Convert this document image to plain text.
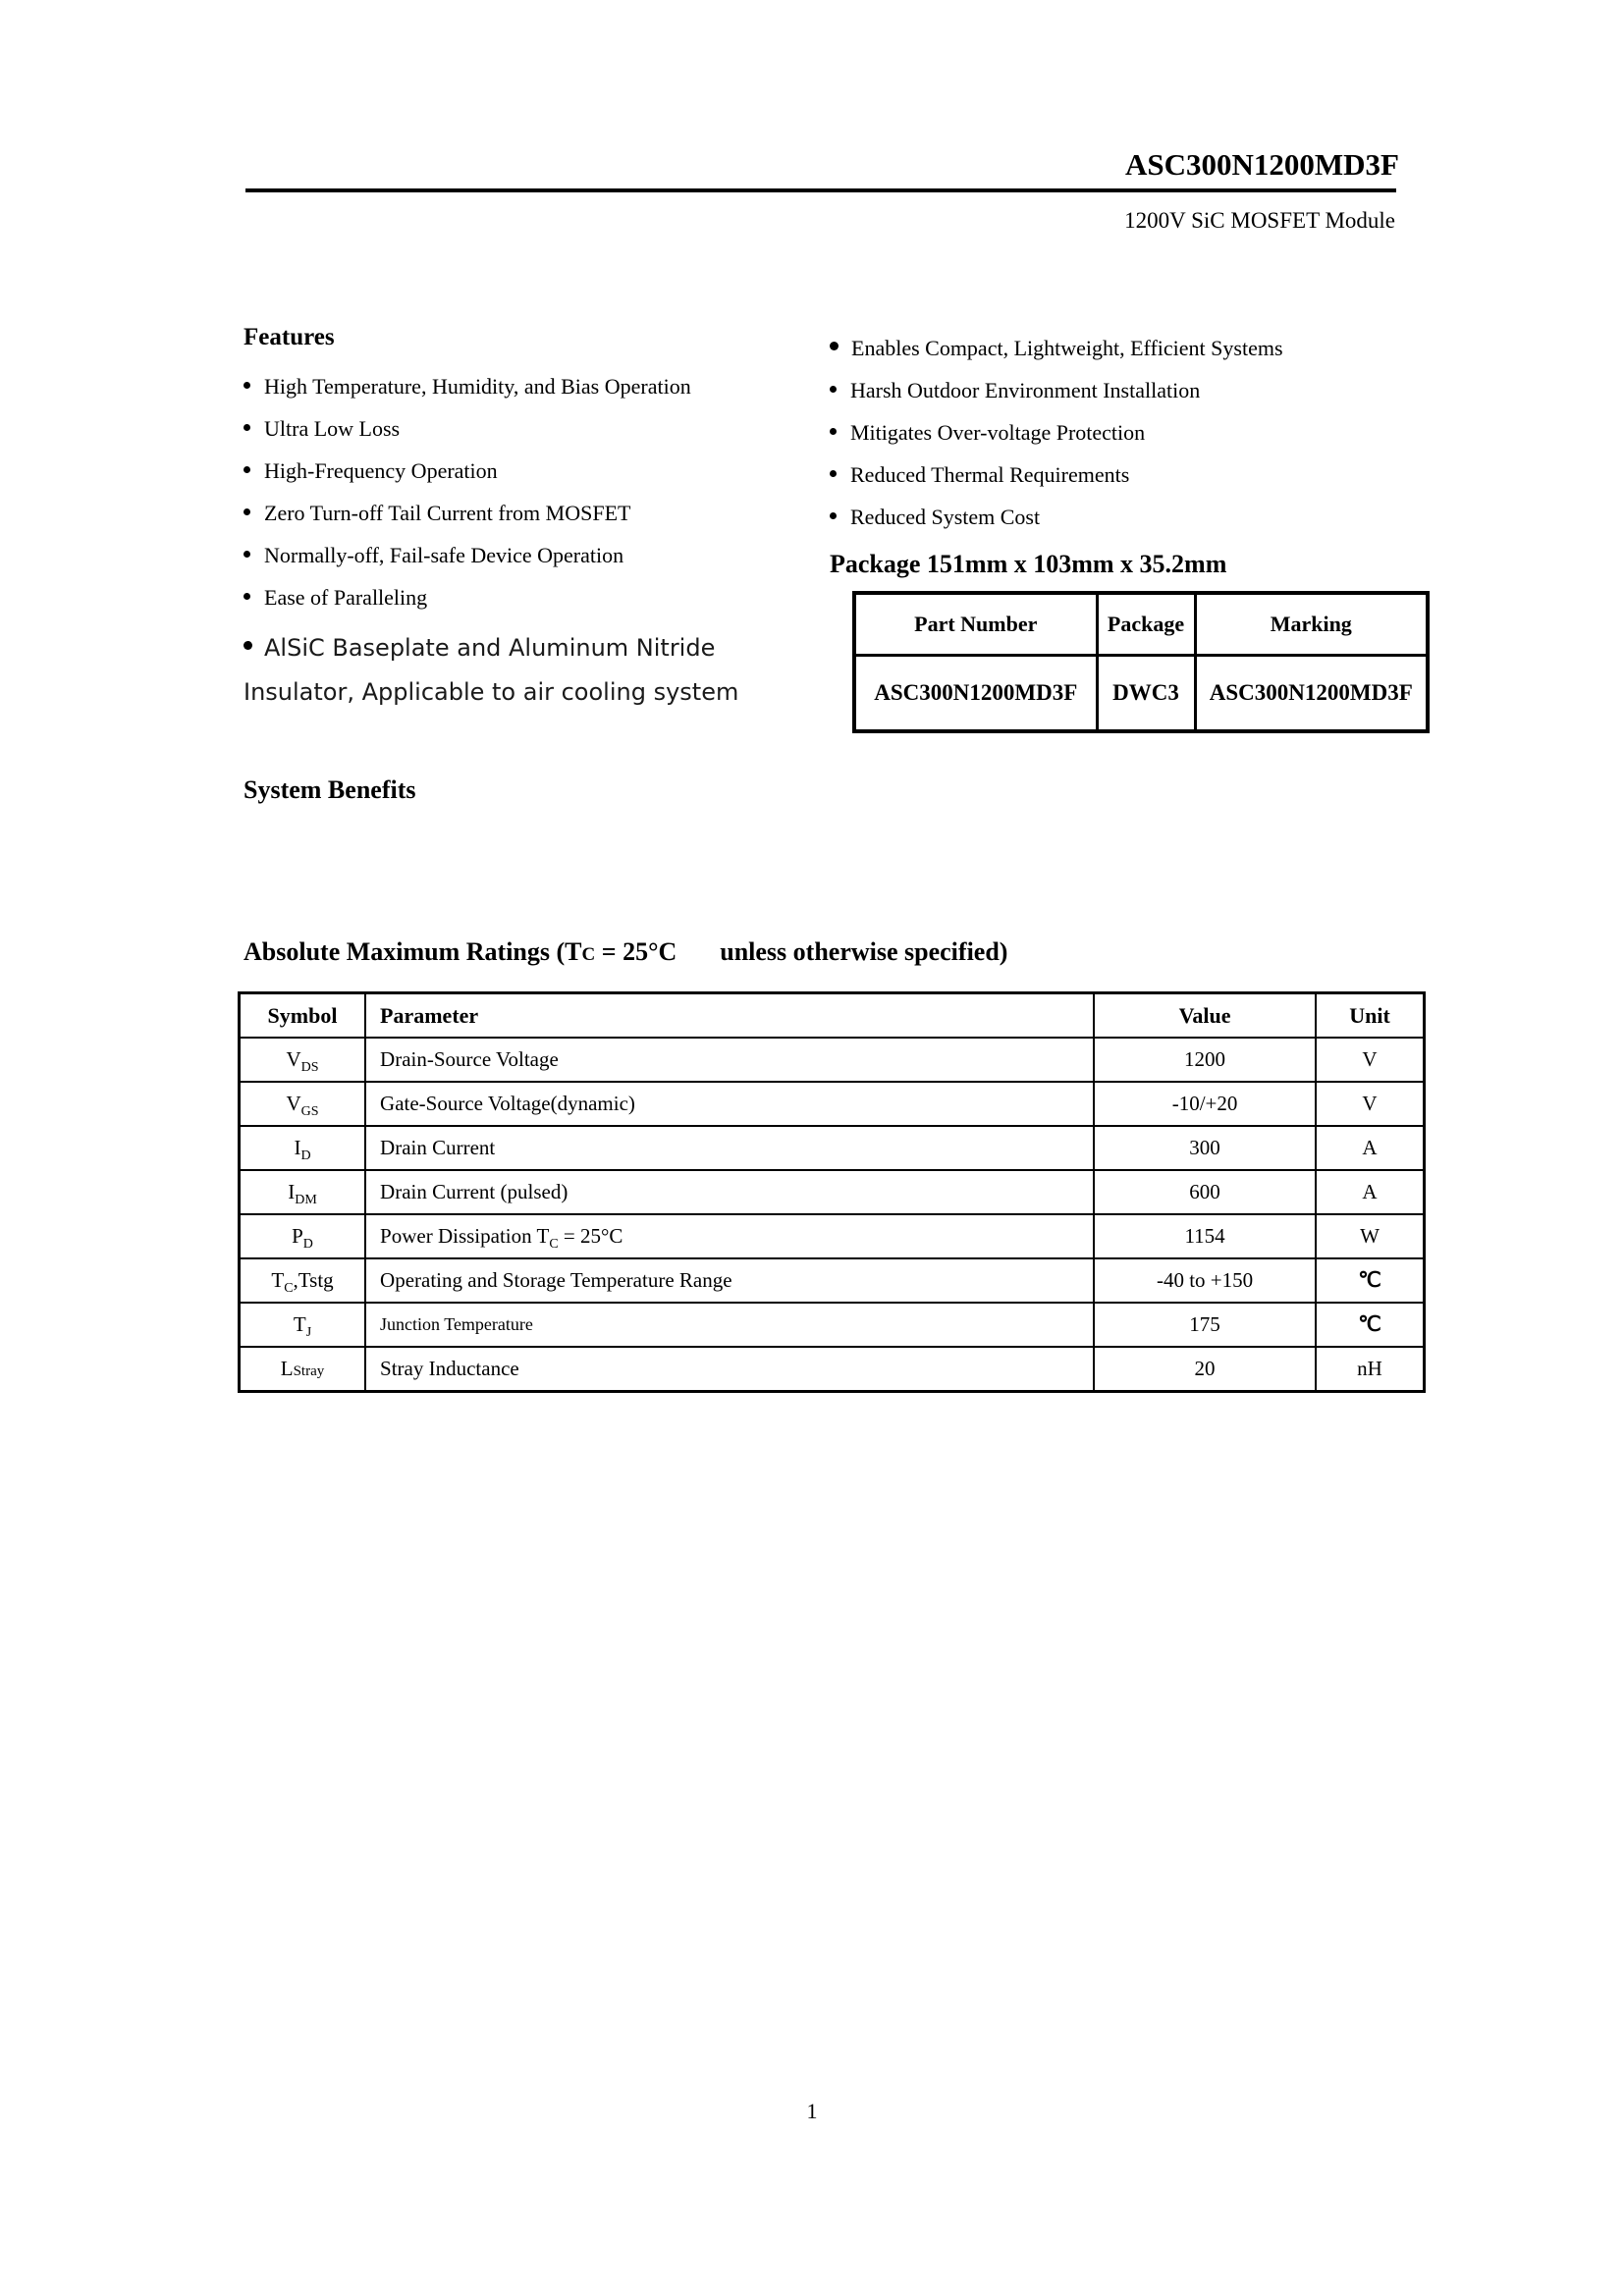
ASC300N1200MD3F
1200V SiC MOSFET Module
Features
High Temperature, Humidity, and Bias Operation
Ultra Low Loss
High-Frequency Operation
Zero Turn-off Tail Current from MOSFET
Normally-off, Fail-safe Device Operation
Ease of Paralleling
AlSiC Baseplate and Aluminum Nitride
Insulator, Applicable to air cooling system
System Benefits
Enables Compact, Lightweight, Efficient Systems
Harsh Outdoor Environment Installation
Mitigates Over-voltage Protection
Reduced Thermal Requirements
Reduced System Cost
Package 151mm x 103mm x 35.2mm
Part Number	Package	Marking
ASC300N1200MD3F	DWC3	ASC300N1200MD3F
Absolute Maximum Ratings (TC = 25°C unless otherwise specified)
Symbol	Parameter	Value	Unit
$V_{DS}$	Drain-Source Voltage	1200	V
$V_{GS}$	Gate-Source Voltage(dynamic)	-10/+20	V
$I_D$	Drain Current	300	A
$I_{DM}$	Drain Current (pulsed)	600	A
$P_D$	Power Dissipation $T_C = 25^\circ C$	1154	W
$T_C,Tstg$	Operating and Storage Temperature Range	-40 to +150	℃
$T_J$	Junction Temperature	175	℃
LStray	Stray Inductance	20	nH
1
